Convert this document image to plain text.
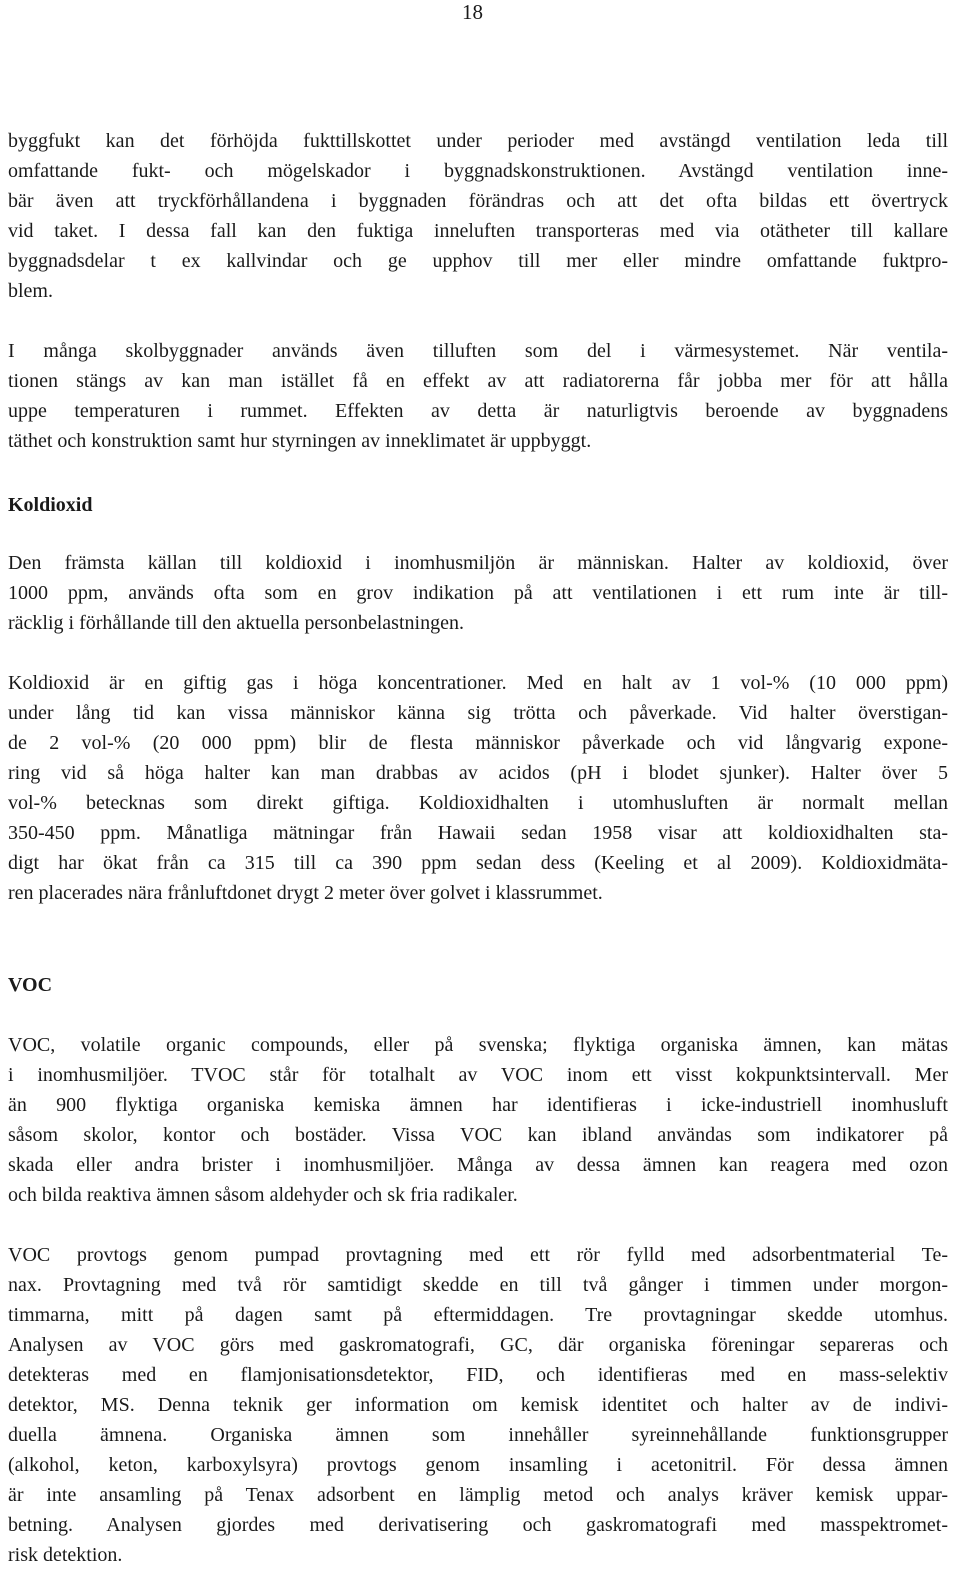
18
byggfukt kan det förhöjda fukttillskottet under perioder med avstängd ventilation leda till
omfattande fukt- och mögelskador i byggnadskonstruktionen. Avstängd ventilation inne-
bär även att tryckförhållandena i byggnaden förändras och att det ofta bildas ett övertryck
vid taket. I dessa fall kan den fuktiga inneluften transporteras med via otätheter till kallare
byggnadsdelar t ex kallvindar och ge upphov till mer eller mindre omfattande fuktpro-
blem.
I många skolbyggnader används även tilluften som del i värmesystemet. När ventila-
tionen stängs av kan man istället få en effekt av att radiatorerna får jobba mer för att hålla
uppe temperaturen i rummet. Effekten av detta är naturligtvis beroende av byggnadens
täthet och konstruktion samt hur styrningen av inneklimatet är uppbyggt.
Koldioxid
Den främsta källan till koldioxid i inomhusmiljön är människan. Halter av koldioxid, över
1000 ppm, används ofta som en grov indikation på att ventilationen i ett rum inte är till-
räcklig i förhållande till den aktuella personbelastningen.
Koldioxid är en giftig gas i höga koncentrationer. Med en halt av 1 vol-% (10 000 ppm)
under lång tid kan vissa människor känna sig trötta och påverkade. Vid halter överstigan-
de 2 vol-% (20 000 ppm) blir de flesta människor påverkade och vid långvarig expone-
ring vid så höga halter kan man drabbas av acidos (pH i blodet sjunker). Halter över 5
vol-% betecknas som direkt giftiga. Koldioxidhalten i utomhusluften är normalt mellan
350-450 ppm. Månatliga mätningar från Hawaii sedan 1958 visar att koldioxidhalten sta-
digt har ökat från ca 315 till ca 390 ppm sedan dess (Keeling et al 2009). Koldioxidmäta-
ren placerades nära frånluftdonet drygt 2 meter över golvet i klassrummet.
VOC
VOC, volatile organic compounds, eller på svenska; flyktiga organiska ämnen, kan mätas
i inomhusmiljöer. TVOC står för totalhalt av VOC inom ett visst kokpunktsintervall. Mer
än 900 flyktiga organiska kemiska ämnen har identifieras i icke-industriell inomhusluft
såsom skolor, kontor och bostäder. Vissa VOC kan ibland användas som indikatorer på
skada eller andra brister i inomhusmiljöer. Många av dessa ämnen kan reagera med ozon
och bilda reaktiva ämnen såsom aldehyder och sk fria radikaler.
VOC provtogs genom pumpad provtagning med ett rör fylld med adsorbentmaterial Te-
nax. Provtagning med två rör samtidigt skedde en till två gånger i timmen under morgon-
timmarna, mitt på dagen samt på eftermiddagen. Tre provtagningar skedde utomhus.
Analysen av VOC görs med gaskromatografi, GC, där organiska föreningar separeras och
detekteras med en flamjonisationsdetektor, FID, och identifieras med en mass-selektiv
detektor, MS. Denna teknik ger information om kemisk identitet och halter av de indivi-
duella ämnena. Organiska ämnen som innehåller syreinnehållande funktionsgrupper
(alkohol, keton, karboxylsyra) provtogs genom insamling i acetonitril. För dessa ämnen
är inte ansamling på Tenax adsorbent en lämplig metod och analys kräver kemisk uppar-
betning. Analysen gjordes med derivatisering och gaskromatografi med masspektromet-
risk detektion.
